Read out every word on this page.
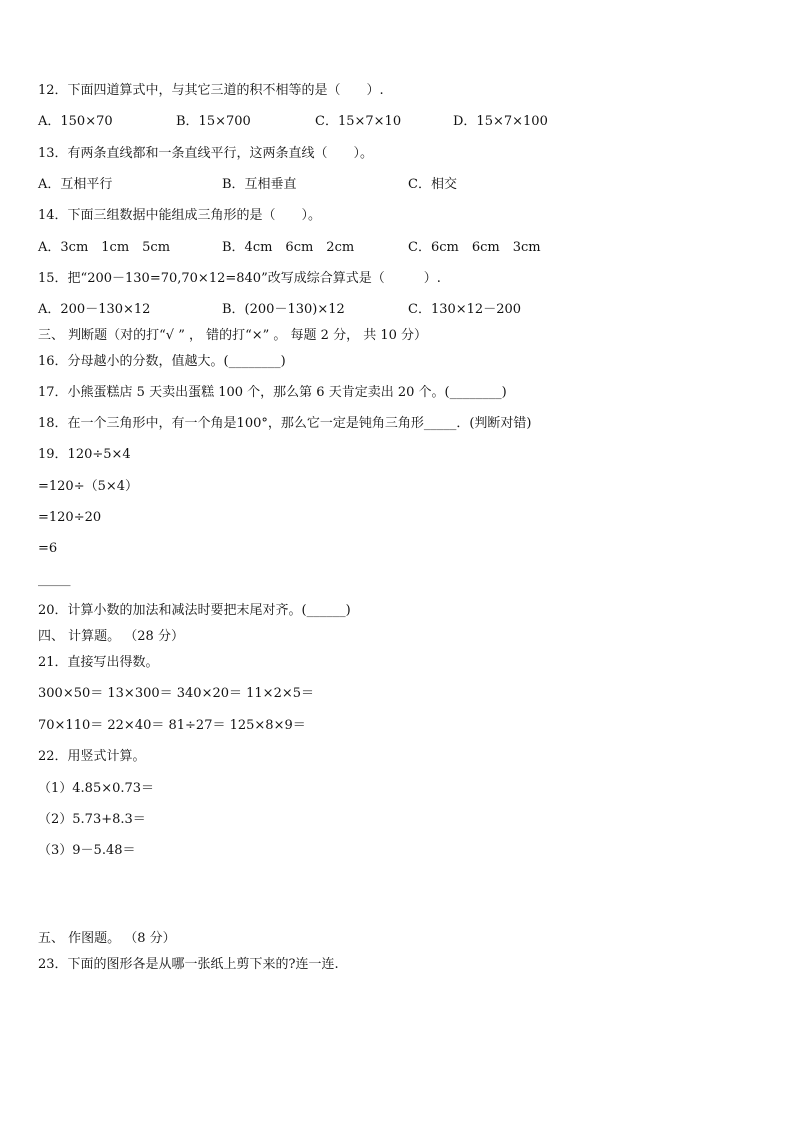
12．下面四道算式中，与其它三道的积不相等的是（　　）.
A．150×70	B．15×700	C．15×7×10	D．15×7×100
13．有两条直线都和一条直线平行，这两条直线（　　）。
A．互相平行	B．互相垂直	C．相交
14．下面三组数据中能组成三角形的是（　　）。
A．3cm　1cm　5cm	B．4cm　6cm　2cm	C．6cm　6cm　3cm
15．把“200－130=70,70×12=840”改写成综合算式是（　　　）.
A．200－130×12	B．(200－130)×12	C．130×12－200
三、 判断题（对的打“√ ” ， 错的打“×” 。 每题 2 分， 共 10 分）
16．分母越小的分数，值越大。(________)
17．小熊蛋糕店 5 天卖出蛋糕 100 个，那么第 6 天肯定卖出 20 个。(________)
18．在一个三角形中，有一个角是100°，那么它一定是钝角三角形_____．(判断对错)
19．120÷5×4
=120÷（5×4）
=120÷20
=6
_____
20．计算小数的加法和减法时要把末尾对齐。(______)
四、 计算题。 （28 分）
21．直接写出得数。
300×50＝ 13×300＝ 340×20＝ 11×2×5＝
70×110＝ 22×40＝ 81÷27＝ 125×8×9＝
22．用竖式计算。
（1）4.85×0.73＝
（2）5.73+8.3＝
（3）9－5.48＝
五、 作图题。 （8 分）
23．下面的图形各是从哪一张纸上剪下来的?连一连.
